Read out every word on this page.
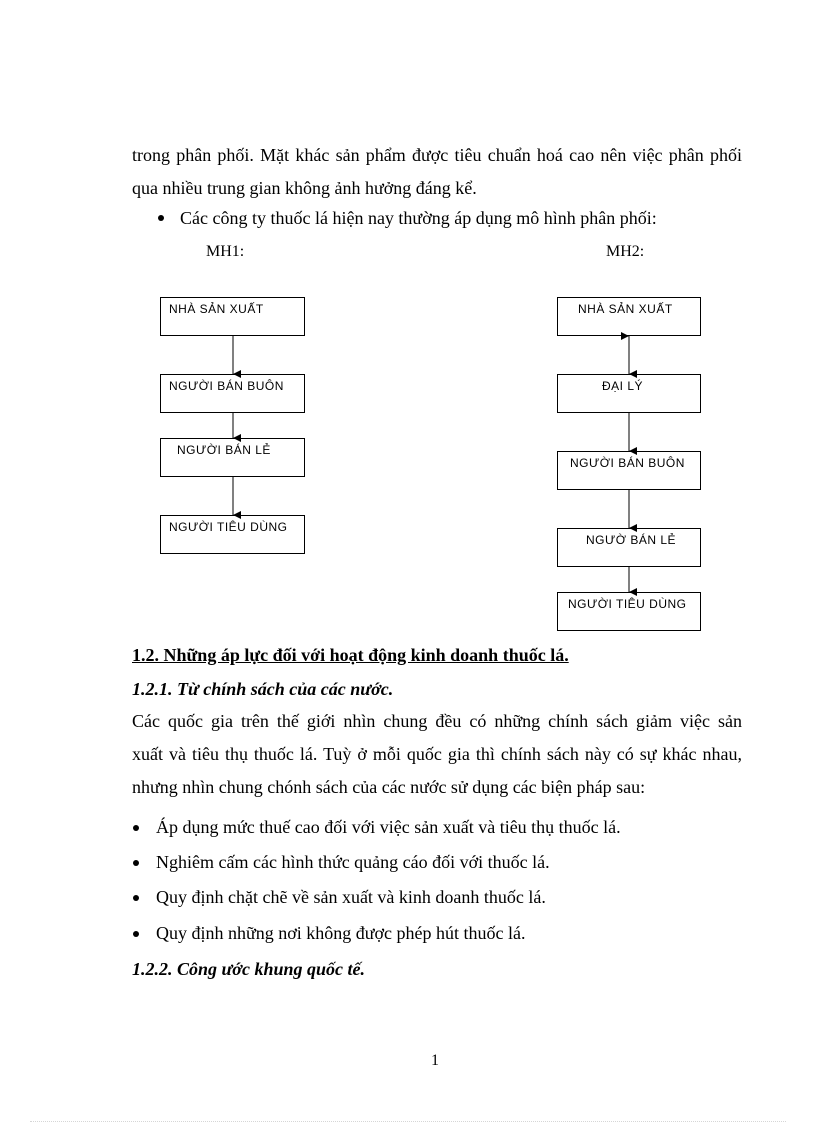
trong phân phối. Mặt khác sản phẩm được tiêu chuẩn hoá cao nên việc phân phối
qua nhiều trung gian không ảnh hưởng đáng kể.
Các công ty thuốc lá hiện nay thường áp dụng mô hình phân phối:
MH1:	MH2:
NHÀ SẢN XUẤT
NGƯỜI BÁN BUÔN
NGƯỜI BÁN LẺ
NGƯỜI TIÊU DÙNG
NHÀ SẢN XUẤT
ĐẠI LÝ
NGƯỜI BÁN BUÔN
NGƯỜ BÁN LẺ
NGƯỜI TIÊU DÙNG
1.2. Những áp lực đối với hoạt động kinh doanh thuốc lá.
1.2.1. Từ chính sách của các nước.
Các quốc gia trên thế giới nhìn chung đều có những chính sách giảm việc sản
xuất và tiêu thụ thuốc lá. Tuỳ ở mỗi quốc gia thì chính sách này có sự khác nhau,
nhưng nhìn chung chónh sách của các nước sử dụng các biện pháp sau:
Áp dụng mức thuế cao đối với việc sản xuất và tiêu thụ thuốc lá.
Nghiêm cấm các hình thức quảng cáo đối với thuốc lá.
Quy định chặt chẽ về sản xuất và kinh doanh thuốc lá.
Quy định những nơi không được phép hút thuốc lá.
1.2.2. Công ước khung quốc tế.
1
